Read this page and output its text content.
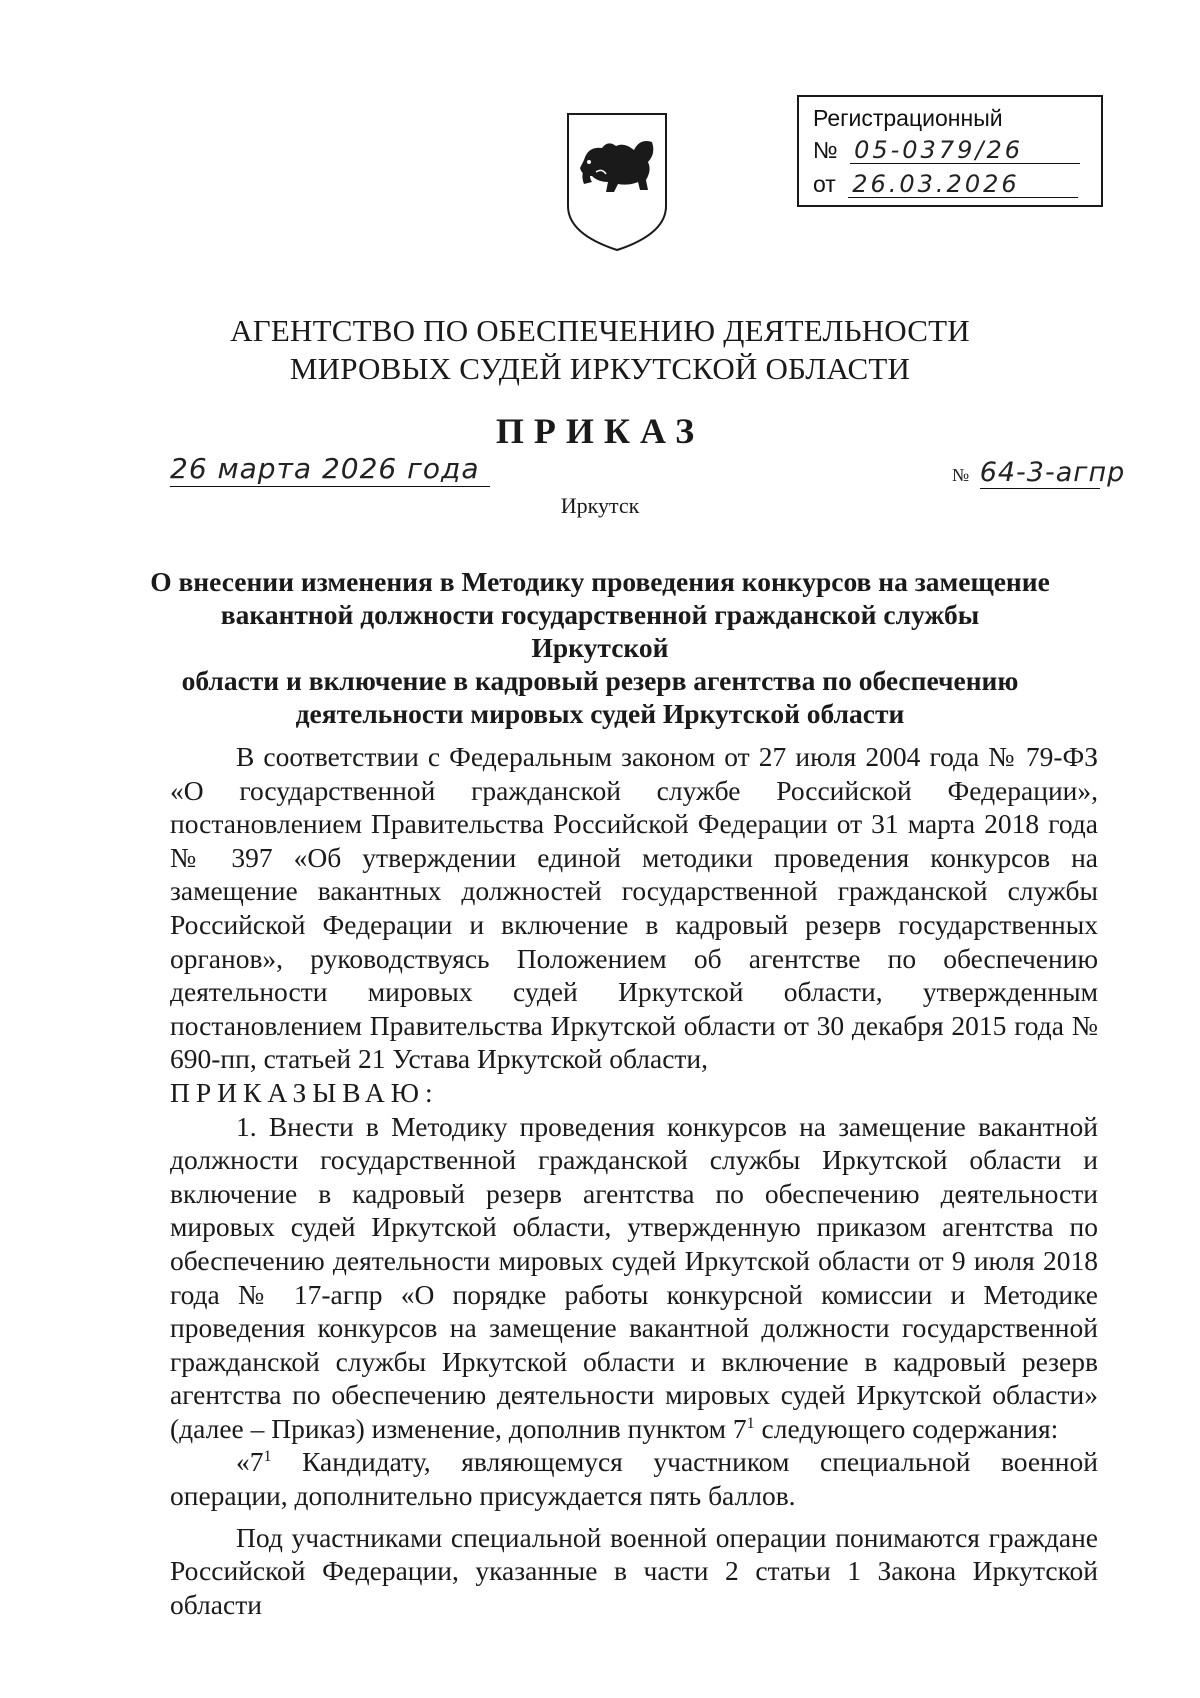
Регистрационный
№ 05-0379/26
от 26.03.2026
АГЕНТСТВО ПО ОБЕСПЕЧЕНИЮ ДЕЯТЕЛЬНОСТИ
МИРОВЫХ СУДЕЙ ИРКУТСКОЙ ОБЛАСТИ
ПРИКАЗ
26 марта 2026 года	№ 64-3-агпр
Иркутск
О внесении изменения в Методику проведения конкурсов на замещение
вакантной должности государственной гражданской службы Иркутской
области и включение в кадровый резерв агентства по обеспечению
деятельности мировых судей Иркутской области

В соответствии с Федеральным законом от 27 июля 2004 года № 79-ФЗ «О государственной гражданской службе Российской Федерации», постановлением Правительства Российской Федерации от 31 марта 2018 года № 397 «Об утверждении единой методики проведения конкурсов на замещение вакантных должностей государственной гражданской службы Российской Федерации и включение в кадровый резерв государственных органов», руководствуясь Положением об агентстве по обеспечению деятельности мировых судей Иркутской области, утвержденным постановлением Правительства Иркутской области от 30 декабря 2015 года № 690-пп, статьей 21 Устава Иркутской области,

ПРИКАЗЫВАЮ:

1. Внести в Методику проведения конкурсов на замещение вакантной должности государственной гражданской службы Иркутской области и включение в кадровый резерв агентства по обеспечению деятельности мировых судей Иркутской области, утвержденную приказом агентства по обеспечению деятельности мировых судей Иркутской области от 9 июля 2018 года № 17-агпр «О порядке работы конкурсной комиссии и Методике проведения конкурсов на замещение вакантной должности государственной гражданской службы Иркутской области и включение в кадровый резерв агентства по обеспечению деятельности мировых судей Иркутской области» (далее – Приказ) изменение, дополнив пунктом $7^1$ следующего содержания:

«$7^1$ Кандидату, являющемуся участником специальной военной операции, дополнительно присуждается пять баллов.

Под участниками специальной военной операции понимаются граждане Российской Федерации, указанные в части 2 статьи 1 Закона Иркутской области
